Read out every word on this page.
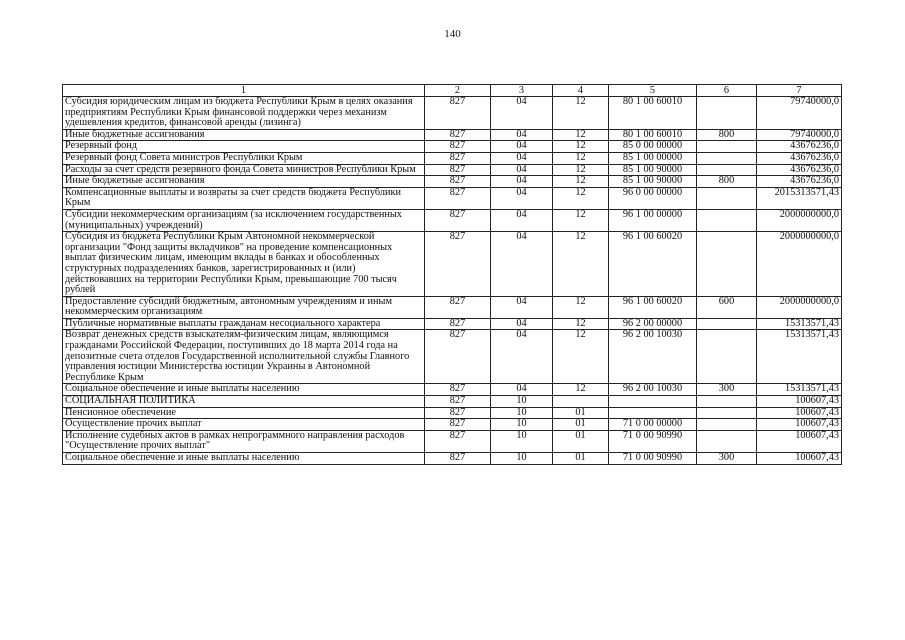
140
1	2	3	4	5	6	7
Субсидия юридическим лицам из бюджета Республики Крым в целях оказания предприятиям Республики Крым финансовой поддержки через механизм удешевления кредитов, финансовой аренды (лизинга)	827	04	12	80 1 00 60010		79740000,0
Иные бюджетные ассигнования	827	04	12	80 1 00 60010	800	79740000,0
Резервный фонд	827	04	12	85 0 00 00000		43676236,0
Резервный фонд Совета министров Республики Крым	827	04	12	85 1 00 00000		43676236,0
Расходы за счет средств резервного фонда Совета министров Республики Крым	827	04	12	85 1 00 90000		43676236,0
Иные бюджетные ассигнования	827	04	12	85 1 00 90000	800	43676236,0
Компенсационные выплаты и возвраты за счет средств бюджета Республики Крым	827	04	12	96 0 00 00000		2015313571,43
Субсидии некоммерческим организациям (за исключением государственных (муниципальных) учреждений)	827	04	12	96 1 00 00000		2000000000,0
Субсидия из бюджета Республики Крым Автономной некоммерческой организации "Фонд защиты вкладчиков" на проведение компенсационных выплат физическим лицам, имеющим вклады в банках и обособленных структурных подразделениях банков, зарегистрированных и (или) действовавших на территории Республики Крым, превышающие 700 тысяч рублей	827	04	12	96 1 00 60020		2000000000,0
Предоставление субсидий бюджетным, автономным учреждениям и иным некоммерческим организациям	827	04	12	96 1 00 60020	600	2000000000,0
Публичные нормативные выплаты гражданам несоциального характера	827	04	12	96 2 00 00000		15313571,43
Возврат денежных средств взыскателям-физическим лицам, являющимся гражданами Российской Федерации, поступивших до 18 марта 2014 года на депозитные счета отделов Государственной исполнительной службы Главного управления юстиции Министерства юстиции Украины в Автономной Республике Крым	827	04	12	96 2 00 10030		15313571,43
Социальное обеспечение и иные выплаты населению	827	04	12	96 2 00 10030	300	15313571,43
СОЦИАЛЬНАЯ ПОЛИТИКА	827	10				100607,43
Пенсионное обеспечение	827	10	01			100607,43
Осуществление прочих выплат	827	10	01	71 0 00 00000		100607,43
Исполнение судебных актов в рамках непрограммного направления расходов "Осуществление прочих выплат"	827	10	01	71 0 00 90990		100607,43
Социальное обеспечение и иные выплаты населению	827	10	01	71 0 00 90990	300	100607,43
